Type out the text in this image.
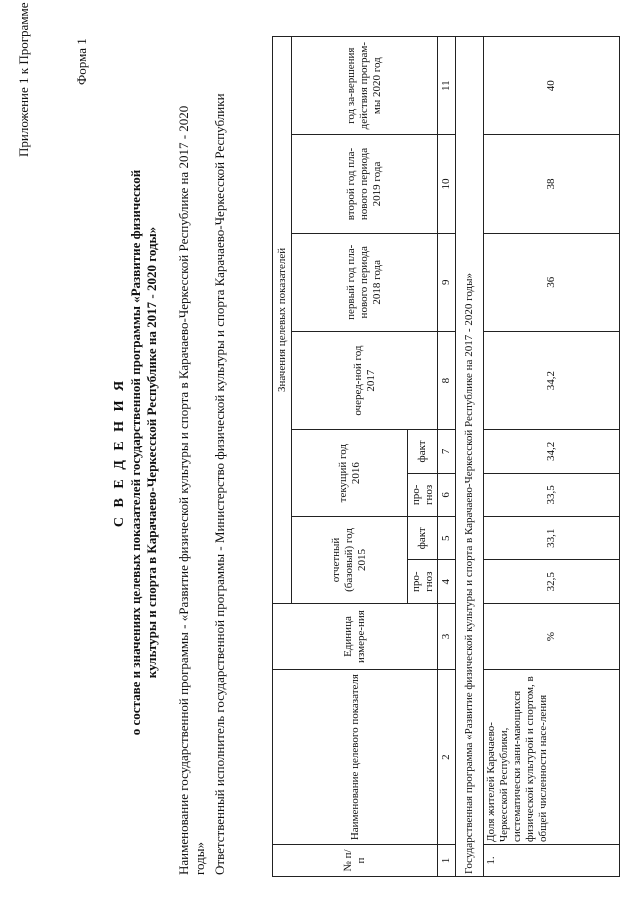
Приложение 1 к Программе	Форма 1
С В Е Д Е Н И Я о составе и значениях целевых показателей государственной программы «Развитие физической культуры и спорта в Карачаево-Черкесской Республике на 2017 - 2020 годы» Наименование государственной программы - «Развитие физической культуры и спорта в Карачаево-Черкесской Республике на 2017 - 2020 годы» Ответственный исполнитель государственной программы - Министерство физической культуры и спорта Карачаево-Черкесской Республики	№ п/п	Наименование целевого показателя	Единица измере-ния	Значения целевых показателей							
			отчетный (базовый) год 2015		текущий год 2016		очеред-ной год 2017	первый год пла-нового периода 2018 года	второй год пла-нового периода 2019 года	год за-вершения действия програм-мы 2020 год
			про-гноз	факт	про-гноз	факт				
1	2	3	4	5	6	7	8	9	10	11
Государственная программа «Развитие физической культуры и спорта в Карачаево-Черкесской Республике на 2017 - 2020 годы»										
1.	Доля жителей Карачаево-Черкесской Республики, систематически зани-мающихся физической культурой и спортом, в общей численности насе-ления	%	32,5	33,1	33,5	34,2	34,2	36	38	40
